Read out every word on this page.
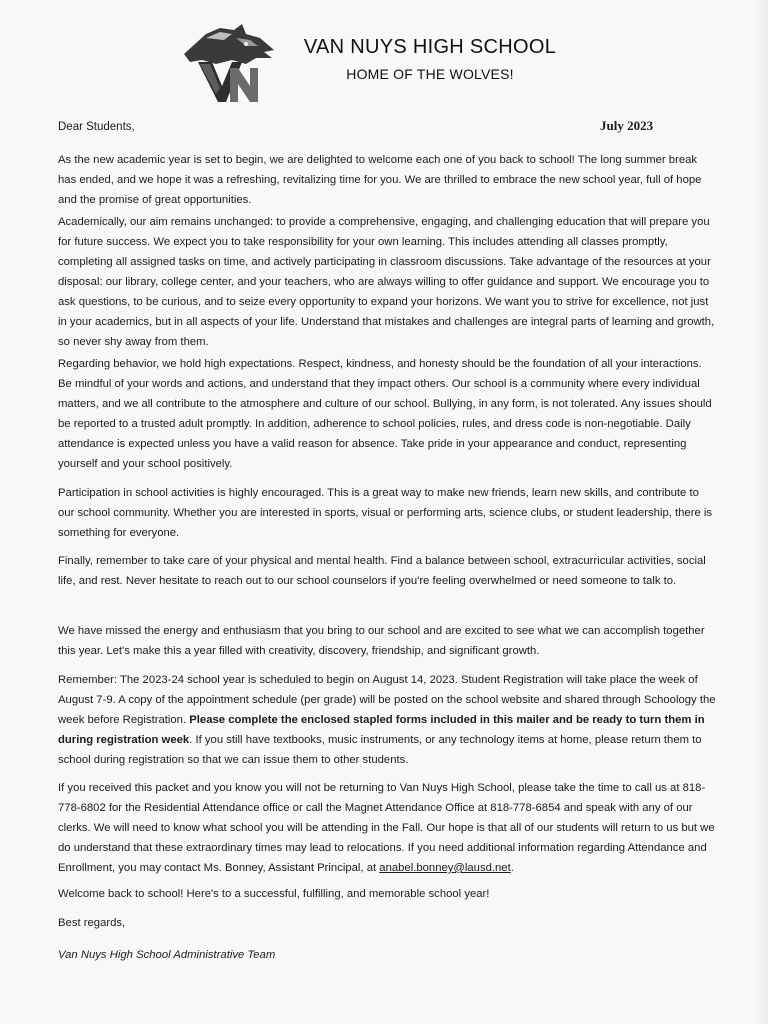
VAN NUYS HIGH SCHOOL
HOME OF THE WOLVES!
Dear Students,	July 2023

As the new academic year is set to begin, we are delighted to welcome each one of you back to school! The long summer break has ended, and we hope it was a refreshing, revitalizing time for you. We are thrilled to embrace the new school year, full of hope and the promise of great opportunities.

Academically, our aim remains unchanged: to provide a comprehensive, engaging, and challenging education that will prepare you for future success. We expect you to take responsibility for your own learning. This includes attending all classes promptly, completing all assigned tasks on time, and actively participating in classroom discussions. Take advantage of the resources at your disposal: our library, college center, and your teachers, who are always willing to offer guidance and support. We encourage you to ask questions, to be curious, and to seize every opportunity to expand your horizons. We want you to strive for excellence, not just in your academics, but in all aspects of your life. Understand that mistakes and challenges are integral parts of learning and growth, so never shy away from them.

Regarding behavior, we hold high expectations. Respect, kindness, and honesty should be the foundation of all your interactions. Be mindful of your words and actions, and understand that they impact others. Our school is a community where every individual matters, and we all contribute to the atmosphere and culture of our school. Bullying, in any form, is not tolerated. Any issues should be reported to a trusted adult promptly. In addition, adherence to school policies, rules, and dress code is non-negotiable. Daily attendance is expected unless you have a valid reason for absence. Take pride in your appearance and conduct, representing yourself and your school positively.

Participation in school activities is highly encouraged. This is a great way to make new friends, learn new skills, and contribute to our school community. Whether you are interested in sports, visual or performing arts, science clubs, or student leadership, there is something for everyone.

Finally, remember to take care of your physical and mental health. Find a balance between school, extracurricular activities, social life, and rest. Never hesitate to reach out to our school counselors if you're feeling overwhelmed or need someone to talk to.

We have missed the energy and enthusiasm that you bring to our school and are excited to see what we can accomplish together this year. Let's make this a year filled with creativity, discovery, friendship, and significant growth.

Remember: The 2023-24 school year is scheduled to begin on August 14, 2023. Student Registration will take place the week of August 7-9. A copy of the appointment schedule (per grade) will be posted on the school website and shared through Schoology the week before Registration. Please complete the enclosed stapled forms included in this mailer and be ready to turn them in during registration week. If you still have textbooks, music instruments, or any technology items at home, please return them to school during registration so that we can issue them to other students.

If you received this packet and you know you will not be returning to Van Nuys High School, please take the time to call us at 818-778-6802 for the Residential Attendance office or call the Magnet Attendance Office at 818-778-6854 and speak with any of our clerks. We will need to know what school you will be attending in the Fall. Our hope is that all of our students will return to us but we do understand that these extraordinary times may lead to relocations. If you need additional information regarding Attendance and Enrollment, you may contact Ms. Bonney, Assistant Principal, at anabel.bonney@lausd.net.

Welcome back to school! Here's to a successful, fulfilling, and memorable school year!

Best regards,
Van Nuys High School Administrative Team
